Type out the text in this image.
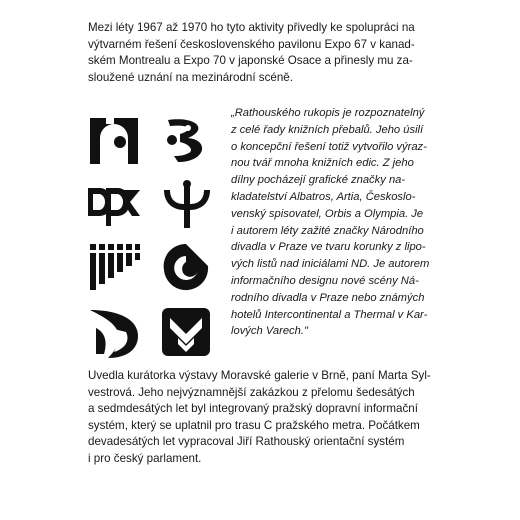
Mezi léty 1967 až 1970 ho tyto aktivity přivedly ke spolupráci na
výtvarném řešení československého pavilonu Expo 67 v kanad-
ském Montrealu a Expo 70 v japonské Osace a přinesly mu za-
sloužené uznání na mezinárodní scéně.

„Rathouského rukopis je rozpoznatelný
z celé řady knižních přebalů. Jeho úsilí
o koncepční řešení totiž vytvořilo výraz-
nou tvář mnoha knižních edic. Z jeho
dílny pocházejí grafické značky na-
kladatelství Albatros, Artia, Českoslo-
venský spisovatel, Orbis a Olympia. Je
i autorem léty zažité značky Národního
divadla v Praze ve tvaru korunky z lipo-
vých listů nad iniciálami ND. Je autorem
informačního designu nové scény Ná-
rodního divadla v Praze nebo známých
hotelů Intercontinental a Thermal v Kar-
lových Varech."

Uvedla kurátorka výstavy Moravské galerie v Brně, paní Marta Syl-
vestrová. Jeho nejvýznamnější zakázkou z přelomu šedesátých
a sedmdesátých let byl integrovaný pražský dopravní informační
systém, který se uplatnil pro trasu C pražského metra. Počátkem
devadesátých let vypracoval Jiří Rathouský orientační systém
i pro český parlament.
